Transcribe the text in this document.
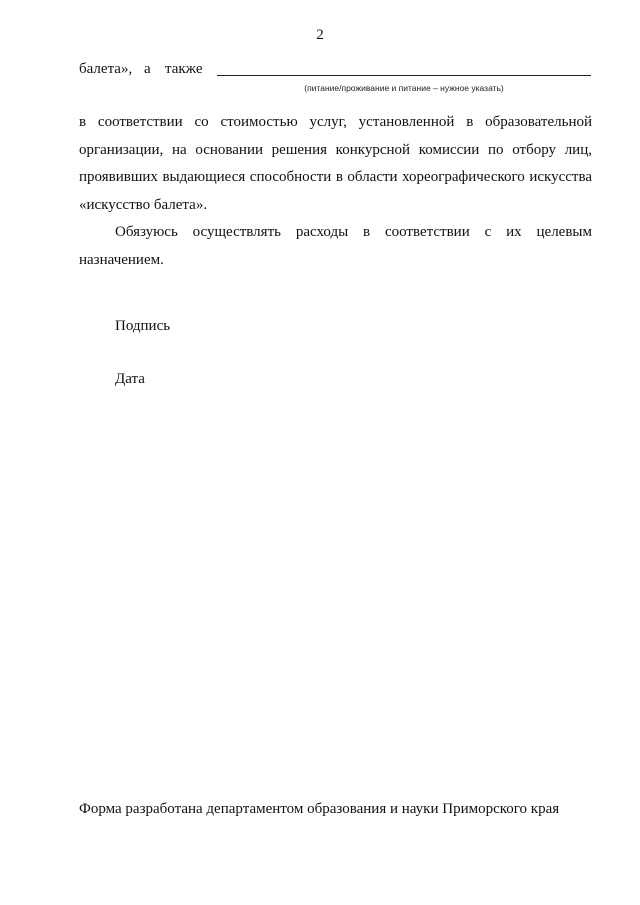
2
балета», а также
(питание/проживание и питание – нужное указать)

в соответствии со стоимостью услуг, установленной в образовательной организации, на основании решения конкурсной комиссии по отбору лиц, проявивших выдающиеся способности в области хореографического искусства «искусство балета».

Обязуюсь осуществлять расходы в соответствии с их целевым назначением.

Подпись
Дата
Форма разработана департаментом образования и науки Приморского края
